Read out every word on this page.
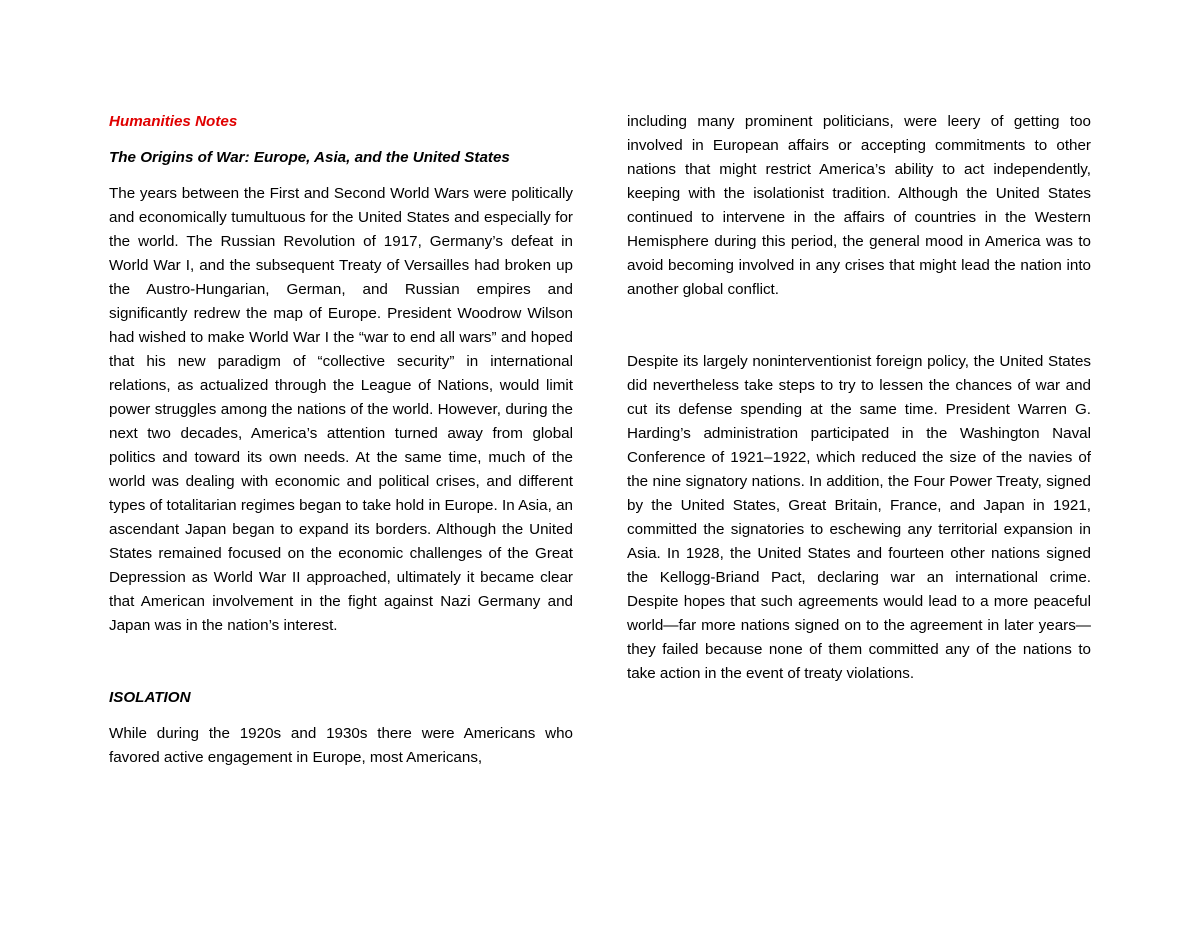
Humanities Notes
The Origins of War: Europe, Asia, and the United States

The years between the First and Second World Wars were politically and economically tumultuous for the United States and especially for the world. The Russian Revolution of 1917, Germany’s defeat in World War I, and the subsequent Treaty of Versailles had broken up the Austro-Hungarian, German, and Russian empires and significantly redrew the map of Europe. President Woodrow Wilson had wished to make World War I the “war to end all wars” and hoped that his new paradigm of “collective security” in international relations, as actualized through the League of Nations, would limit power struggles among the nations of the world. However, during the next two decades, America’s attention turned away from global politics and toward its own needs. At the same time, much of the world was dealing with economic and political crises, and different types of totalitarian regimes began to take hold in Europe. In Asia, an ascendant Japan began to expand its borders. Although the United States remained focused on the economic challenges of the Great Depression as World War II approached, ultimately it became clear that American involvement in the fight against Nazi Germany and Japan was in the nation’s interest.

ISOLATION

While during the 1920s and 1930s there were Americans who favored active engagement in Europe, most Americans,

including many prominent politicians, were leery of getting too involved in European affairs or accepting commitments to other nations that might restrict America’s ability to act independently, keeping with the isolationist tradition. Although the United States continued to intervene in the affairs of countries in the Western Hemisphere during this period, the general mood in America was to avoid becoming involved in any crises that might lead the nation into another global conflict.

Despite its largely noninterventionist foreign policy, the United States did nevertheless take steps to try to lessen the chances of war and cut its defense spending at the same time. President Warren G. Harding’s administration participated in the Washington Naval Conference of 1921–1922, which reduced the size of the navies of the nine signatory nations. In addition, the Four Power Treaty, signed by the United States, Great Britain, France, and Japan in 1921, committed the signatories to eschewing any territorial expansion in Asia. In 1928, the United States and fourteen other nations signed the Kellogg-Briand Pact, declaring war an international crime. Despite hopes that such agreements would lead to a more peaceful world—far more nations signed on to the agreement in later years—they failed because none of them committed any of the nations to take action in the event of treaty violations.
